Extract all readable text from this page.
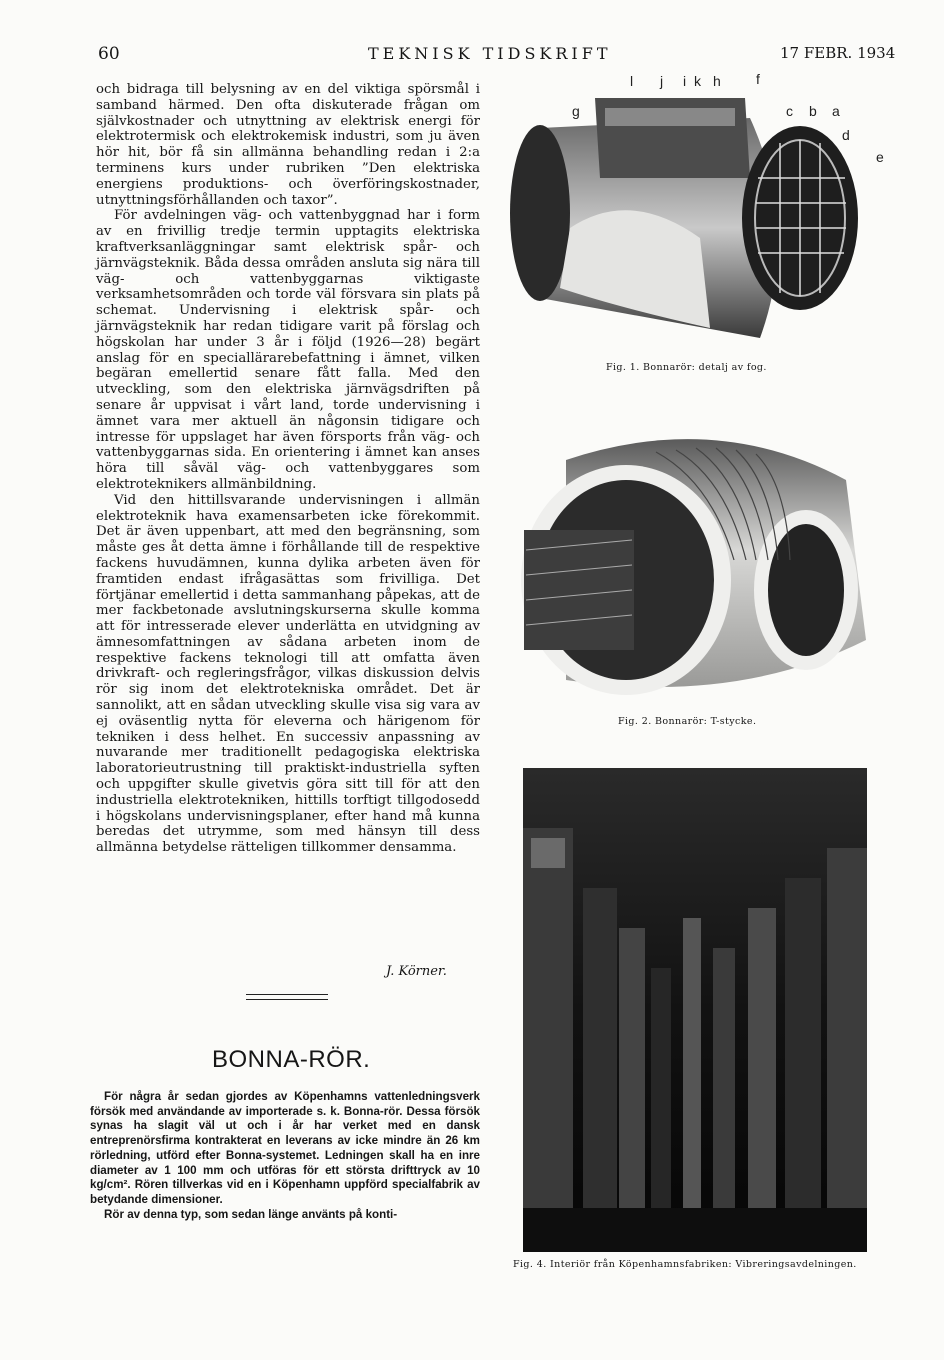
60	TEKNISK TIDSKRIFT	17 FEBR. 1934

och bidraga till belysning av en del viktiga spörsmål i samband härmed. Den ofta diskuterade frågan om självkostnader och utnyttning av elektrisk energi för elektrotermisk och elektrokemisk industri, som ju även hör hit, bör få sin allmänna behandling redan i 2:a terminens kurs under rubriken ”Den elektriska energiens produktions- och överföringskostnader, utnyttningsförhållanden och taxor”.

För avdelningen väg- och vattenbyggnad har i form av en frivillig tredje termin upptagits elektriska kraftverksanläggningar samt elektrisk spår- och järnvägsteknik. Båda dessa områden ansluta sig nära till väg- och vattenbyggarnas viktigaste verksamhetsområden och torde väl försvara sin plats på schemat. Undervisning i elektrisk spår- och järnvägsteknik har redan tidigare varit på förslag och högskolan har under 3 år i följd (1926—28) begärt anslag för en speciallärarebefattning i ämnet, vilken begäran emellertid senare fått falla. Med den utveckling, som den elektriska järnvägsdriften på senare år uppvisat i vårt land, torde undervisning i ämnet vara mer aktuell än någonsin tidigare och intresse för uppslaget har även försports från väg- och vattenbyggarnas sida. En orientering i ämnet kan anses höra till såväl väg- och vattenbyggares som elektroteknikers allmänbildning.

Vid den hittillsvarande undervisningen i allmän elektroteknik hava examensarbeten icke förekommit. Det är även uppenbart, att med den begränsning, som måste ges åt detta ämne i förhållande till de respektive fackens huvudämnen, kunna dylika arbeten även för framtiden endast ifrågasättas som frivilliga. Det förtjänar emellertid i detta sammanhang påpekas, att de mer fackbetonade avslutningskurserna skulle komma att för intresserade elever underlätta en utvidgning av ämnesomfattningen av sådana arbeten inom de respektive fackens teknologi till att omfatta även drivkraft- och regleringsfrågor, vilkas diskussion delvis rör sig inom det elektrotekniska området. Det är sannolikt, att en sådan utveckling skulle visa sig vara av ej oväsentlig nytta för eleverna och härigenom för tekniken i dess helhet. En successiv anpassning av nuvarande mer traditionellt pedagogiska elektriska laboratorieutrustning till praktiskt-industriella syften och uppgifter skulle givetvis göra sitt till för att den industriella elektrotekniken, hittills torftigt tillgodosedd i högskolans undervisningsplaner, efter hand må kunna beredas det utrymme, som med hänsyn till dess allmänna betydelse rätteligen tillkommer densamma.

J. Körner.
BONNA-RÖR.

För några år sedan gjordes av Köpenhamns vattenledningsverk försök med användande av importerade s. k. Bonna-rör. Dessa försök synas ha slagit väl ut och i år har verket med en dansk entreprenörsfirma kontrakterat en leverans av icke mindre än 26 km rörledning, utförd efter Bonna-systemet. Ledningen skall ha en inre diameter av 1 100 mm och utföras för ett största drifttryck av 10 kg/cm². Rören tillverkas vid en i Köpenhamn uppförd specialfabrik av betydande dimensioner.

Rör av denna typ, som sedan länge använts på konti-

l j i k h	f
g	c b a
d
e
Fig. 1. Bonnarör: detalj av fog.
Fig. 2. Bonnarör: T-stycke.
Fig. 4. Interiör från Köpenhamnsfabriken: Vibreringsavdelningen.
